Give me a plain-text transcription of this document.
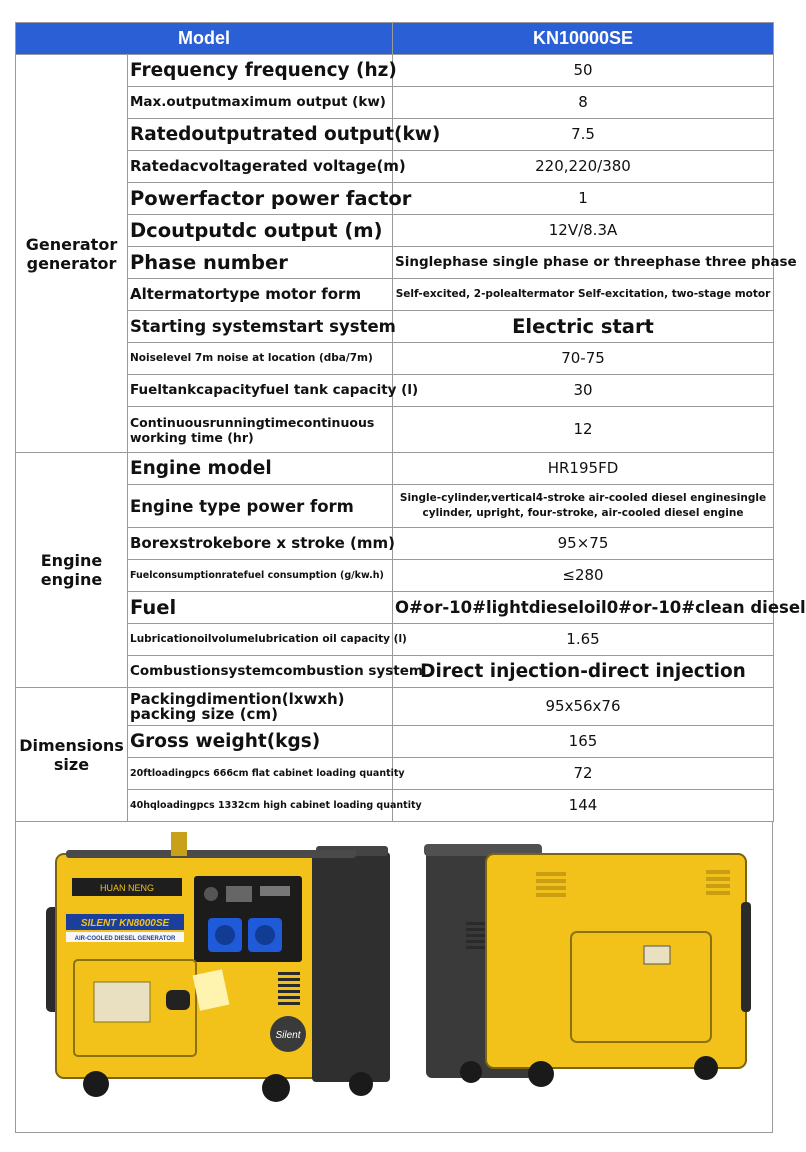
Model		KN10000SE

Generator
generator	Frequency frequency (hz)	50
	Max.outputmaximum output (kw)	8
	Ratedoutputrated output(kw)	7.5
	Ratedacvoltagerated voltage(m)	220,220/380
	Powerfactor power factor	1
	Dcoutputdc output (m)	12V/8.3A
	Phase number	Singlephase single phase or threephase three phase
	Altermatortype motor form	Self-excited, 2-polealtermator Self-excitation, two-stage motor
	Starting systemstart system	Electric start
	Noiselevel 7m noise at location (dba/7m)	70-75
	Fueltankcapacityfuel tank capacity (l)	30
	Continuousrunningtimecontinuous working time (hr)	12

Engine
engine	Engine model	HR195FD
	Engine type power form	Single-cylinder,vertical4-stroke air-cooled diesel enginesingle cylinder, upright, four-stroke, air-cooled diesel engine
	Borexstrokebore x stroke (mm)	95×75
	Fuelconsumptionratefuel consumption (g/kw.h)	≤280
	Fuel	O#or-10#lightdieseloil0#or-10#clean diesel
	Lubricationoilvolumelubrication oil capacity (l)	1.65
	Combustionsystemcombustion system	Direct injection-direct injection

Dimensions
size	Packingdimention(lxwxh) packing size (cm)	95x56x76
	Gross weight(kgs)	165
	20ftloadingpcs 666cm flat cabinet loading quantity	72
	40hqloadingpcs 1332cm high cabinet loading quantity	144
HUAN NENG
SILENT KN8000SE
AIR-COOLED DIESEL GENERATOR
Silent
